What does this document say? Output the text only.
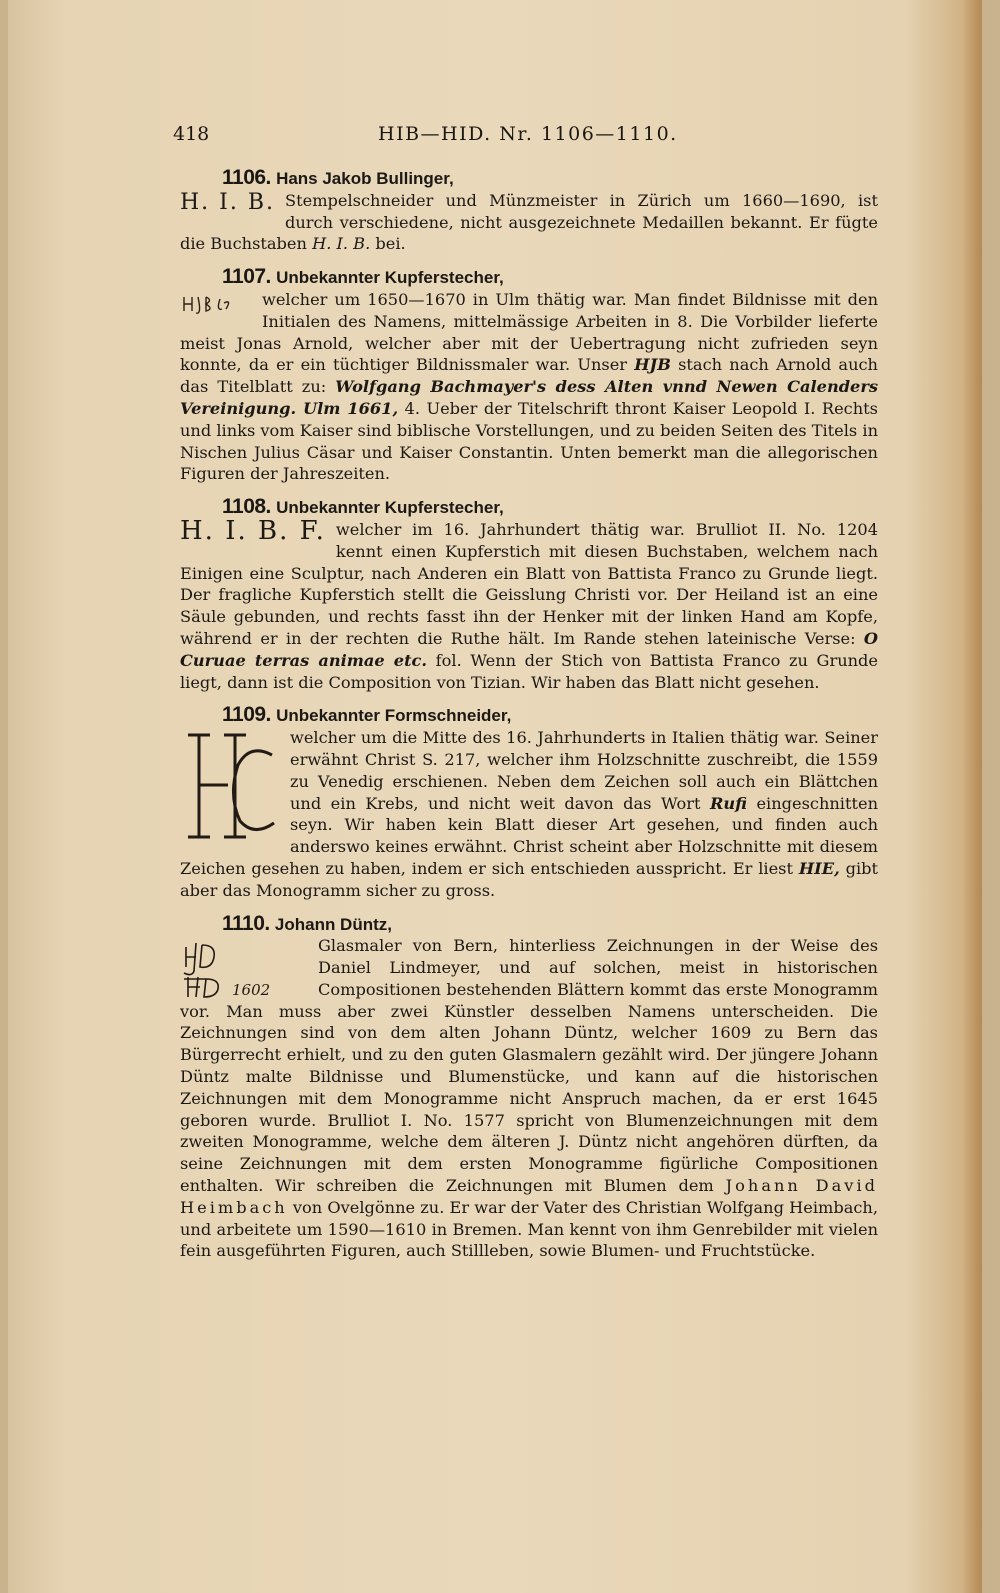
418	HIB—HID. Nr. 1106—1110.
1106. Hans Jakob Bullinger,
H. I. B. Stempelschneider und Münzmeister in Zürich um 1660—1690, ist durch verschiedene, nicht ausgezeichnete Medaillen bekannt. Er fügte die Buchstaben H. I. B. bei.
1107. Unbekannter Kupferstecher,
welcher um 1650—1670 in Ulm thätig war. Man findet Bildnisse mit den Initialen des Namens, mittelmässige Arbeiten in 8. Die Vorbilder lieferte meist Jonas Arnold, welcher aber mit der Uebertragung nicht zufrieden seyn konnte, da er ein tüchtiger Bildnissmaler war. Unser HJB stach nach Arnold auch das Titelblatt zu: Wolfgang Bachmayer's dess Alten vnnd Newen Calenders Vereinigung. Ulm 1661, 4. Ueber der Titelschrift thront Kaiser Leopold I. Rechts und links vom Kaiser sind biblische Vorstellungen, und zu beiden Seiten des Titels in Nischen Julius Cäsar und Kaiser Constantin. Unten bemerkt man die allegorischen Figuren der Jahreszeiten.
1108. Unbekannter Kupferstecher,
H. I. B. F. welcher im 16. Jahrhundert thätig war. Brulliot II. No. 1204 kennt einen Kupferstich mit diesen Buchstaben, welchem nach Einigen eine Sculptur, nach Anderen ein Blatt von Battista Franco zu Grunde liegt. Der fragliche Kupferstich stellt die Geisslung Christi vor. Der Heiland ist an eine Säule gebunden, und rechts fasst ihn der Henker mit der linken Hand am Kopfe, während er in der rechten die Ruthe hält. Im Rande stehen lateinische Verse: O Curuae terras animae etc. fol. Wenn der Stich von Battista Franco zu Grunde liegt, dann ist die Composition von Tizian. Wir haben das Blatt nicht gesehen.
1109. Unbekannter Formschneider,
welcher um die Mitte des 16. Jahrhunderts in Italien thätig war. Seiner erwähnt Christ S. 217, welcher ihm Holzschnitte zuschreibt, die 1559 zu Venedig erschienen. Neben dem Zeichen soll auch ein Blättchen und ein Krebs, und nicht weit davon das Wort Rufi eingeschnitten seyn. Wir haben kein Blatt dieser Art gesehen, und finden auch anderswo keines erwähnt. Christ scheint aber Holzschnitte mit diesem Zeichen gesehen zu haben, indem er sich entschieden ausspricht. Er liest HIE, gibt aber das Monogramm sicher zu gross.
1110. Johann Düntz,
1602
Glasmaler von Bern, hinterliess Zeichnungen in der Weise des Daniel Lindmeyer, und auf solchen, meist in historischen Compositionen bestehenden Blättern kommt das erste Monogramm vor. Man muss aber zwei Künstler desselben Namens unterscheiden. Die Zeichnungen sind von dem alten Johann Düntz, welcher 1609 zu Bern das Bürgerrecht erhielt, und zu den guten Glasmalern gezählt wird. Der jüngere Johann Düntz malte Bildnisse und Blumenstücke, und kann auf die historischen Zeichnungen mit dem Monogramme nicht Anspruch machen, da er erst 1645 geboren wurde. Brulliot I. No. 1577 spricht von Blumenzeichnungen mit dem zweiten Monogramme, welche dem älteren J. Düntz nicht angehören dürften, da seine Zeichnungen mit dem ersten Monogramme figürliche Compositionen enthalten. Wir schreiben die Zeichnungen mit Blumen dem Johann David Heimbach von Ovelgönne zu. Er war der Vater des Christian Wolfgang Heimbach, und arbeitete um 1590—1610 in Bremen. Man kennt von ihm Genrebilder mit vielen fein ausgeführten Figuren, auch Stillleben, sowie Blumen- und Fruchtstücke.
